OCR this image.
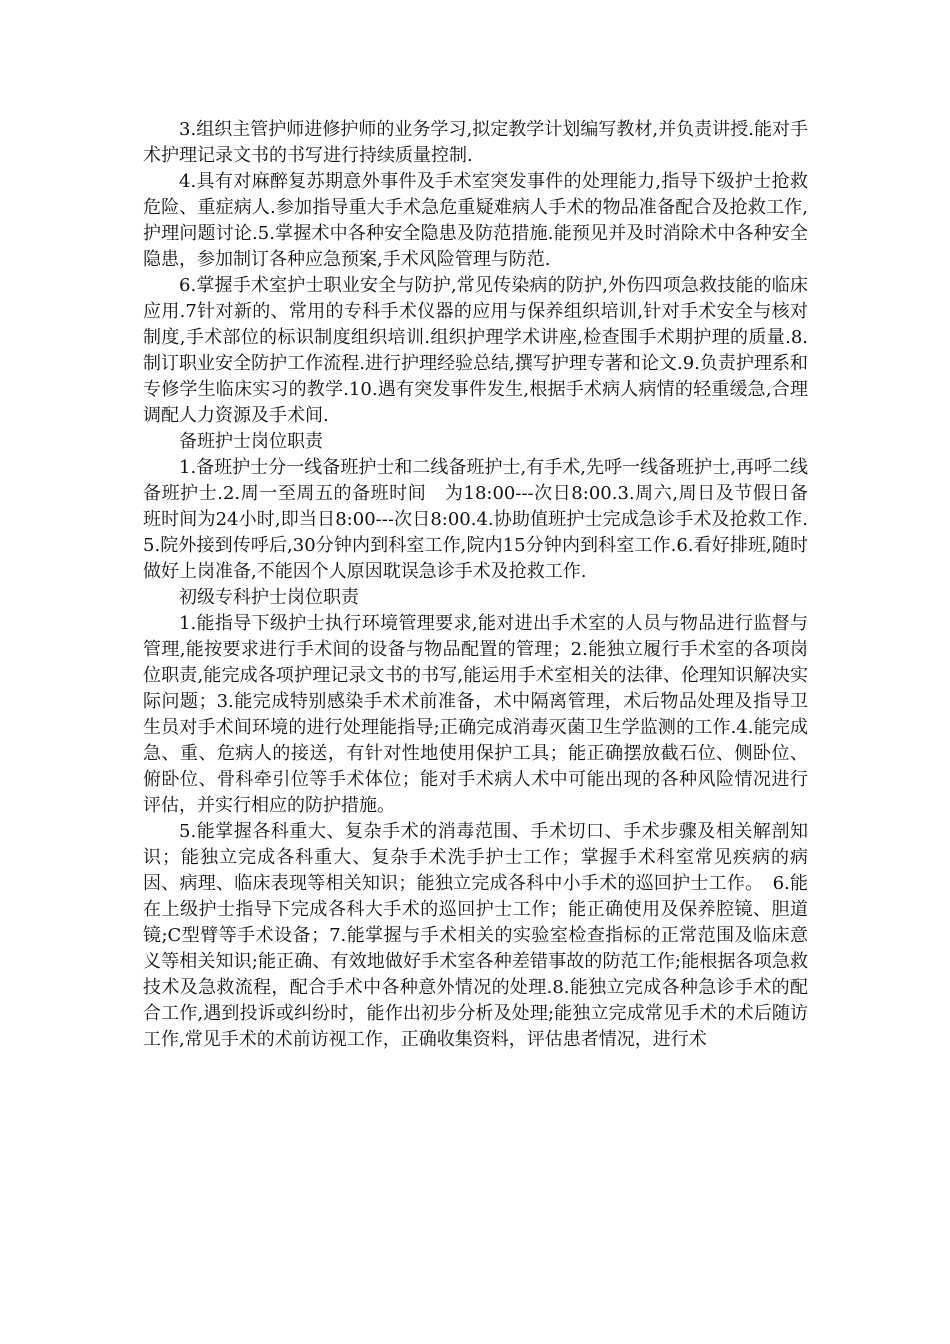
3.组织主管护师进修护师的业务学习,拟定教学计划编写教材,并负责讲授.能对手术护理记录文书的书写进行持续质量控制.

4.具有对麻醉复苏期意外事件及手术室突发事件的处理能力,指导下级护士抢救危险、重症病人.参加指导重大手术急危重疑难病人手术的物品准备配合及抢救工作,护理问题讨论.5.掌握术中各种安全隐患及防范措施.能预见并及时消除术中各种安全隐患，参加制订各种应急预案,手术风险管理与防范.

6.掌握手术室护士职业安全与防护,常见传染病的防护,外伤四项急救技能的临床应用.7针对新的、常用的专科手术仪器的应用与保养组织培训,针对手术安全与核对制度,手术部位的标识制度组织培训.组织护理学术讲座,检查围手术期护理的质量.8.制订职业安全防护工作流程.进行护理经验总结,撰写护理专著和论文.9.负责护理系和专修学生临床实习的教学.10.遇有突发事件发生,根据手术病人病情的轻重缓急,合理调配人力资源及手术间.

备班护士岗位职责

1.备班护士分一线备班护士和二线备班护士,有手术,先呼一线备班护士,再呼二线备班护士.2.周一至周五的备班时间　为18:00---次日8:00.3.周六,周日及节假日备班时间为24小时,即当日8:00---次日8:00.4.协助值班护士完成急诊手术及抢救工作.5.院外接到传呼后,30分钟内到科室工作,院内15分钟内到科室工作.6.看好排班,随时做好上岗准备,不能因个人原因耽误急诊手术及抢救工作.

初级专科护士岗位职责

1.能指导下级护士执行环境管理要求,能对进出手术室的人员与物品进行监督与管理,能按要求进行手术间的设备与物品配置的管理；2.能独立履行手术室的各项岗位职责,能完成各项护理记录文书的书写,能运用手术室相关的法律、伦理知识解决实际问题；3.能完成特别感染手术术前准备，术中隔离管理，术后物品处理及指导卫生员对手术间环境的进行处理能指导;正确完成消毒灭菌卫生学监测的工作.4.能完成急、重、危病人的接送，有针对性地使用保护工具；能正确摆放截石位、侧卧位、俯卧位、骨科牵引位等手术体位；能对手术病人术中可能出现的各种风险情况进行评估，并实行相应的防护措施。

5.能掌握各科重大、复杂手术的消毒范围、手术切口、手术步骤及相关解剖知识；能独立完成各科重大、复杂手术洗手护士工作；掌握手术科室常见疾病的病因、病理、临床表现等相关知识；能独立完成各科中小手术的巡回护士工作。　6.能在上级护士指导下完成各科大手术的巡回护士工作；能正确使用及保养腔镜、胆道镜;C型臂等手术设备；7.能掌握与手术相关的实验室检查指标的正常范围及临床意义等相关知识;能正确、有效地做好手术室各种差错事故的防范工作;能根据各项急救技术及急救流程，配合手术中各种意外情况的处理.8.能独立完成各种急诊手术的配合工作,遇到投诉或纠纷时，能作出初步分析及处理;能独立完成常见手术的术后随访工作,常见手术的术前访视工作，正确收集资料，评估患者情况，进行术
